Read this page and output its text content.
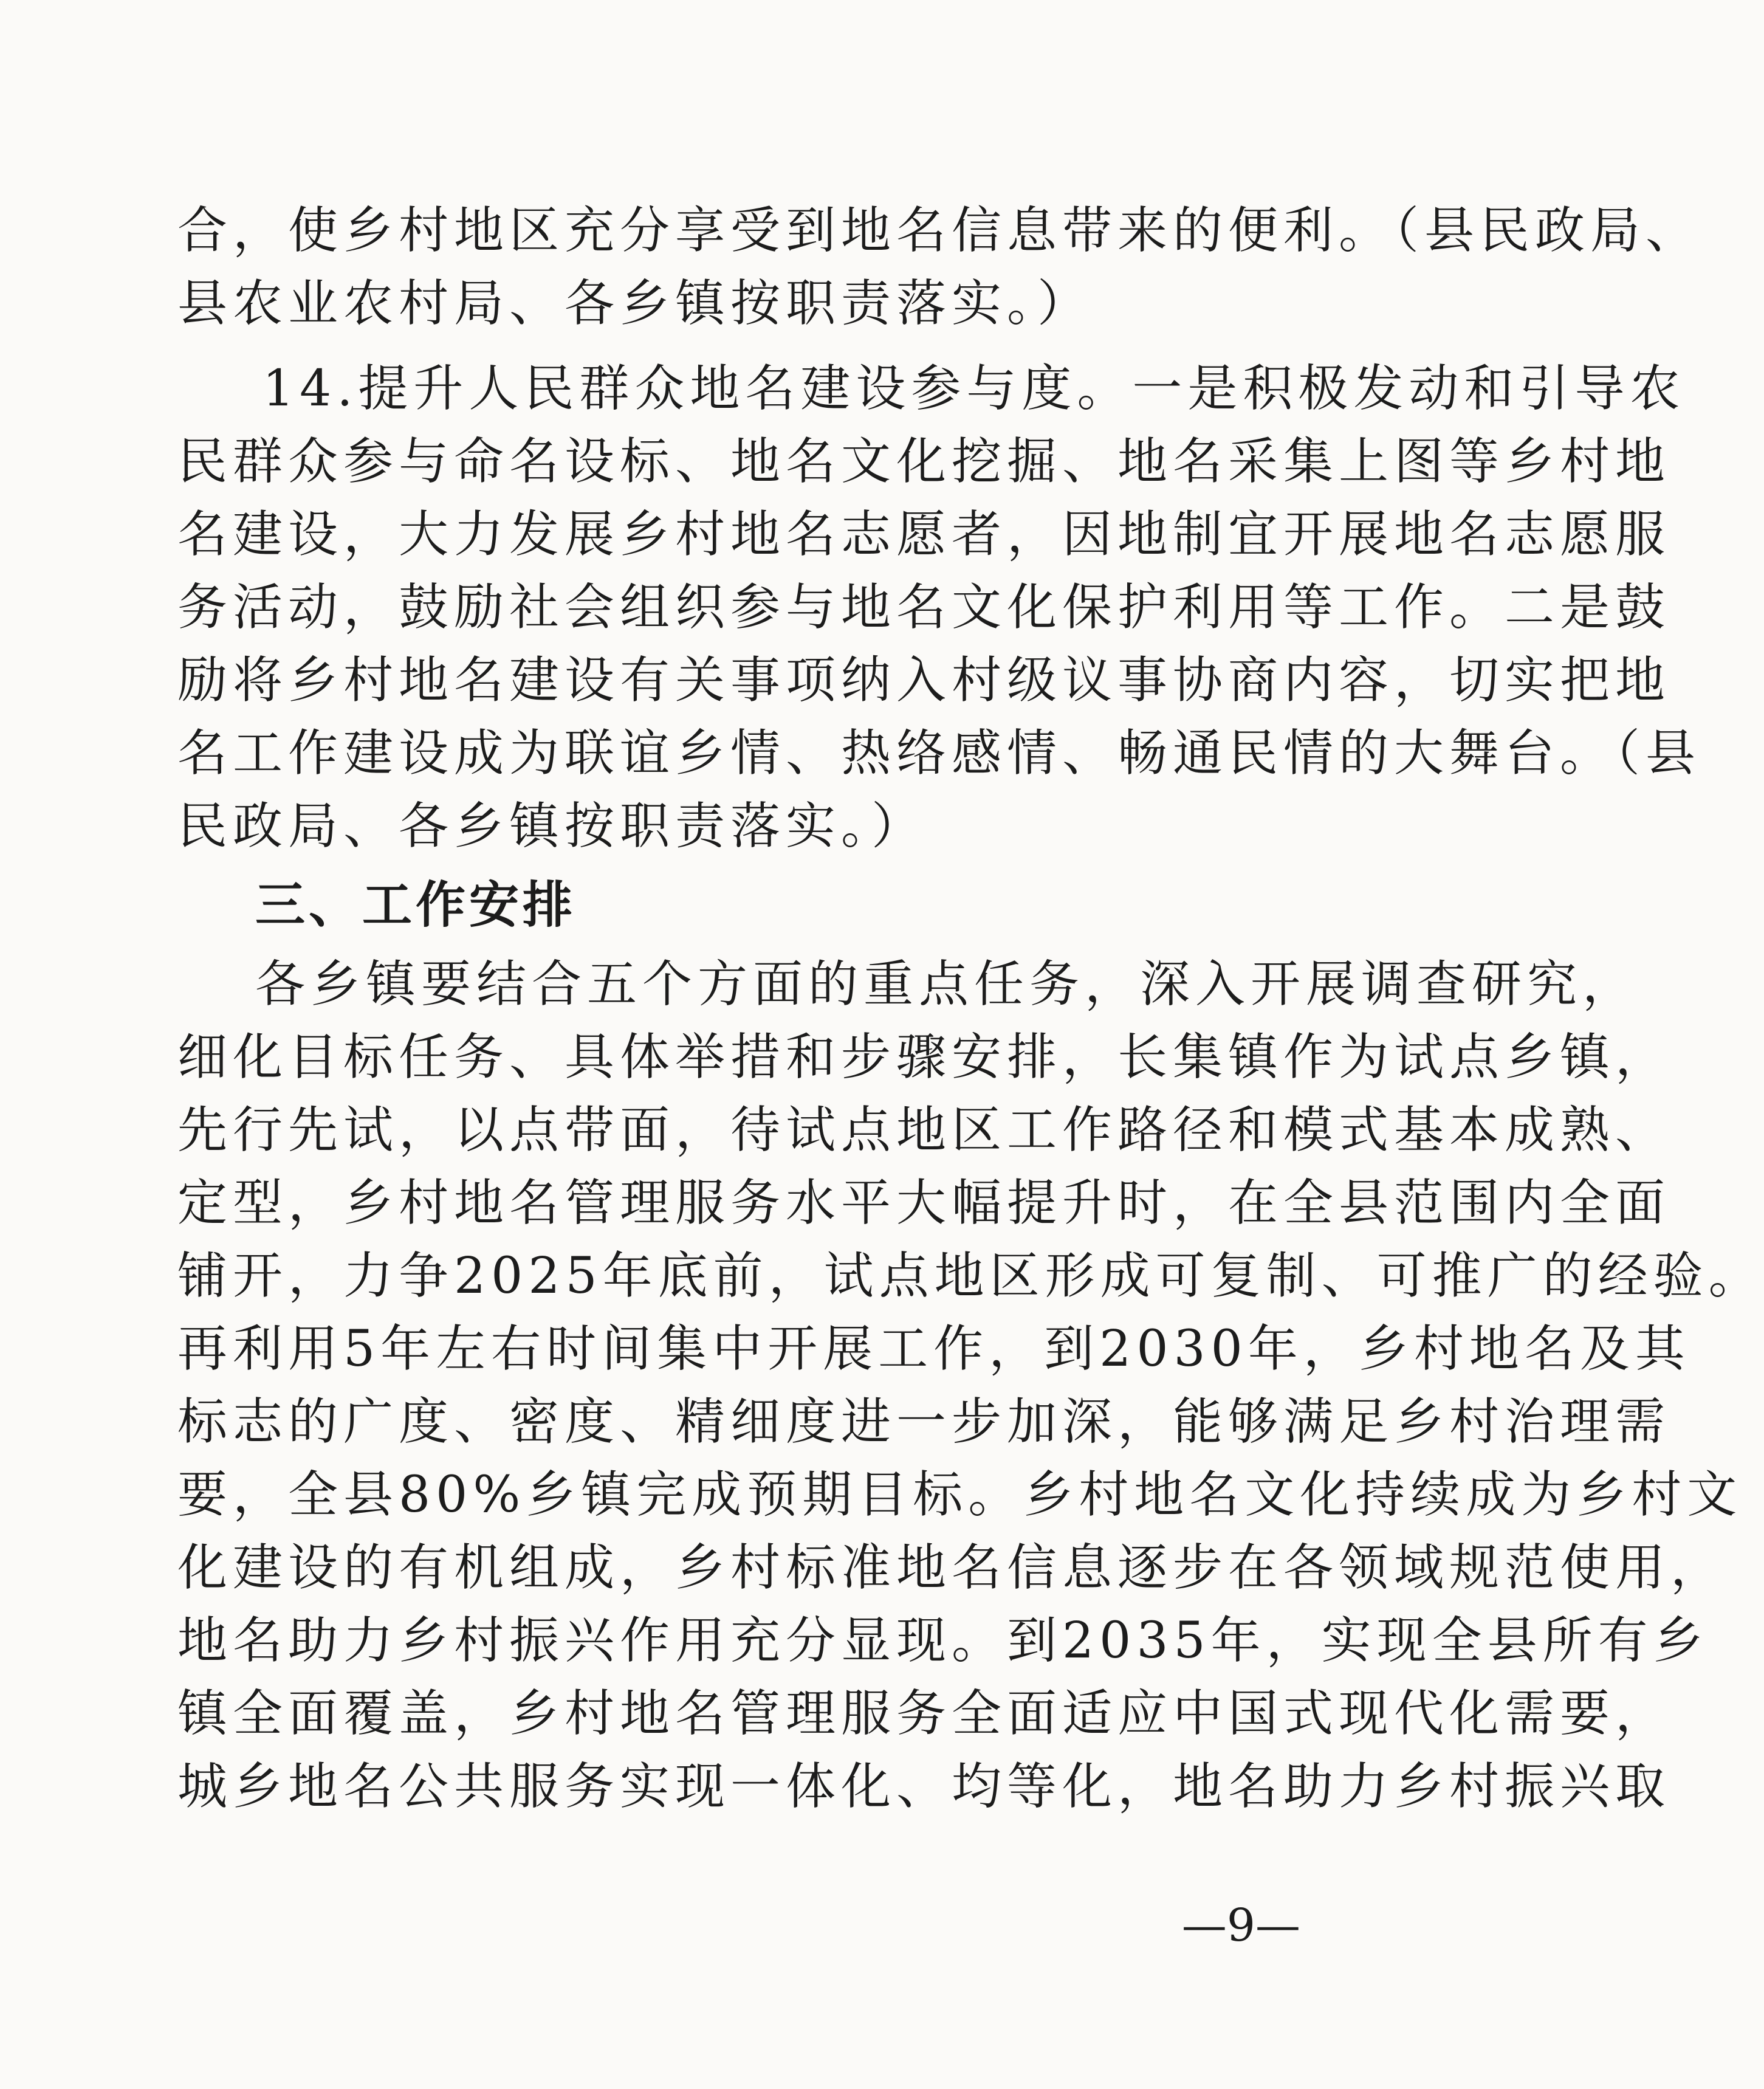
合，使乡村地区充分享受到地名信息带来的便利。（县民政局、
县农业农村局、各乡镇按职责落实。）
14.提升人民群众地名建设参与度。一是积极发动和引导农
民群众参与命名设标、地名文化挖掘、地名采集上图等乡村地
名建设，大力发展乡村地名志愿者，因地制宜开展地名志愿服
务活动，鼓励社会组织参与地名文化保护利用等工作。二是鼓
励将乡村地名建设有关事项纳入村级议事协商内容，切实把地
名工作建设成为联谊乡情、热络感情、畅通民情的大舞台。（县
民政局、各乡镇按职责落实。）
三、工作安排
各乡镇要结合五个方面的重点任务，深入开展调查研究，
细化目标任务、具体举措和步骤安排，长集镇作为试点乡镇，
先行先试，以点带面，待试点地区工作路径和模式基本成熟、
定型，乡村地名管理服务水平大幅提升时，在全县范围内全面
铺开，力争2025年底前，试点地区形成可复制、可推广的经验。
再利用5年左右时间集中开展工作，到2030年，乡村地名及其
标志的广度、密度、精细度进一步加深，能够满足乡村治理需
要，全县80%乡镇完成预期目标。乡村地名文化持续成为乡村文
化建设的有机组成，乡村标准地名信息逐步在各领域规范使用，
地名助力乡村振兴作用充分显现。到2035年，实现全县所有乡
镇全面覆盖，乡村地名管理服务全面适应中国式现代化需要，
城乡地名公共服务实现一体化、均等化，地名助力乡村振兴取
—9—
